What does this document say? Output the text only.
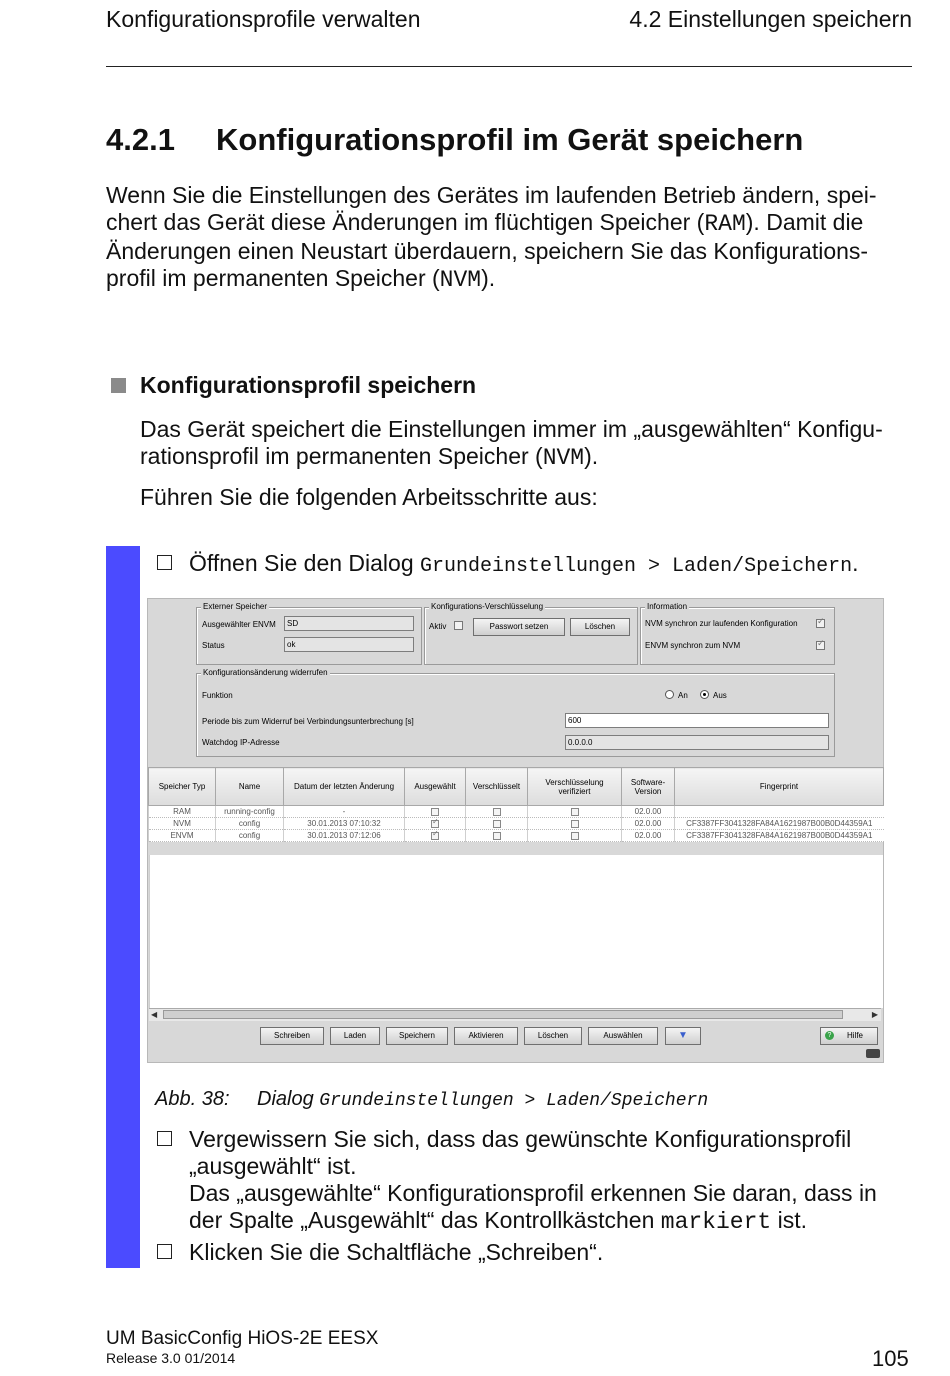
Konfigurationsprofile verwalten	4.2 Einstellungen speichern
4.2.1 Konfigurationsprofil im Gerät speichern
Wenn Sie die Einstellungen des Gerätes im laufenden Betrieb ändern, spei-
chert das Gerät diese Änderungen im flüchtigen Speicher (RAM). Damit die
Änderungen einen Neustart überdauern, speichern Sie das Konfigurations-
profil im permanenten Speicher (NVM).
Konfigurationsprofil speichern
Das Gerät speichert die Einstellungen immer im „ausgewählten“ Konfigu-
rationsprofil im permanenten Speicher (NVM).
Führen Sie die folgenden Arbeitsschritte aus:
Öffnen Sie den Dialog Grundeinstellungen > Laden/Speichern.
Externer Speicher
Ausgewählter ENVM	SD
Status	ok
Konfigurations-Verschlüsselung
Aktiv	Passwort setzen	Löschen
Information
NVM synchron zur laufenden Konfiguration
✓
ENVM synchron zum NVM
✓
Konfigurationsänderung widerrufen
Funktion	An	Aus
Periode bis zum Widerruf bei Verbindungsunterbrechung [s]	600
Watchdog IP-Adresse	0.0.0.0
Speicher Typ	Name	Datum der letzten Änderung	Ausgewählt	Verschlüsselt	Verschlüsselung verifiziert	Software-Version	Fingerprint
RAM	running-config	-				02.0.00	
NVM	config	30.01.2013 07:10:32	✓			02.0.00	CF3387FF3041328FA84A1621987B00B0D44359A1
ENVM	config	30.01.2013 07:12:06	✓			02.0.00	CF3387FF3041328FA84A1621987B00B0D44359A1
◀	▶
Schreiben	Laden	Speichern	Aktivieren	Löschen	Auswählen	▼	?	Hilfe
Abb. 38: Dialog Grundeinstellungen > Laden/Speichern
Vergewissern Sie sich, dass das gewünschte Konfigurationsprofil
„ausgewählt“ ist.
Das „ausgewählte“ Konfigurationsprofil erkennen Sie daran, dass in
der Spalte „Ausgewählt“ das Kontrollkästchen markiert ist.
Klicken Sie die Schaltfläche „Schreiben“.
UM BasicConfig HiOS-2E EESX
Release 3.0 01/2014	105
